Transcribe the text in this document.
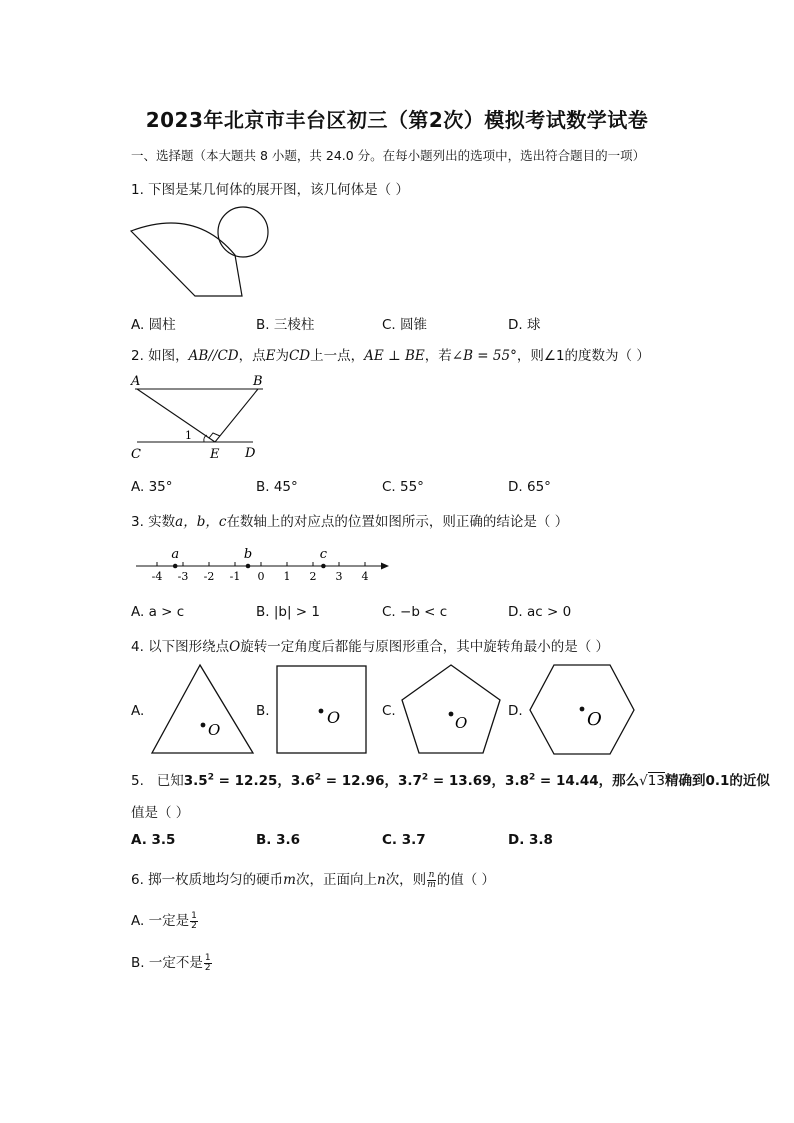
2023年北京市丰台区初三（第2次）模拟考试数学试卷
一、选择题（本大题共 8 小题，共 24.0 分。在每小题列出的选项中，选出符合题目的一项）
1. 下图是某几何体的展开图，该几何体是（ ）
A. 圆柱	B. 三棱柱	C. 圆锥	D. 球
2. 如图，AB//CD，点E为CD上一点，AE ⊥ BE，若∠B = 55°，则∠1的度数为（ ）
A	B
C	E D
1
A. 35°	B. 45°	C. 55°	D. 65°
3. 实数a，b，c在数轴上的对应点的位置如图所示，则正确的结论是（ ）
-4 -3 -2 -1 0 1 2 3 4
a	b	c
A. a > c	B. |b| > 1	C. −b < c	D. ac > 0
4. 以下图形绕点O旋转一定角度后都能与原图形重合，其中旋转角最小的是（ ）
A.
O
B.	O	C.
O
D.	O
5.   已知$3.5^2 = 12.25$，$3.6^2 = 12.96$，$3.7^2 = 13.69$，$3.8^2 = 14.44$，那么√13精确到0.1的近似
值是（ ）
A. 3.5	B. 3.6	C. 3.7	D. 3.8
6. 掷一枚质地均匀的硬币m次，正面向上n次，则 $\frac{n}{m}$ 的值（ ）
A. 一定是 $\frac{1}{2}$
B. 一定不是 $\frac{1}{2}$
